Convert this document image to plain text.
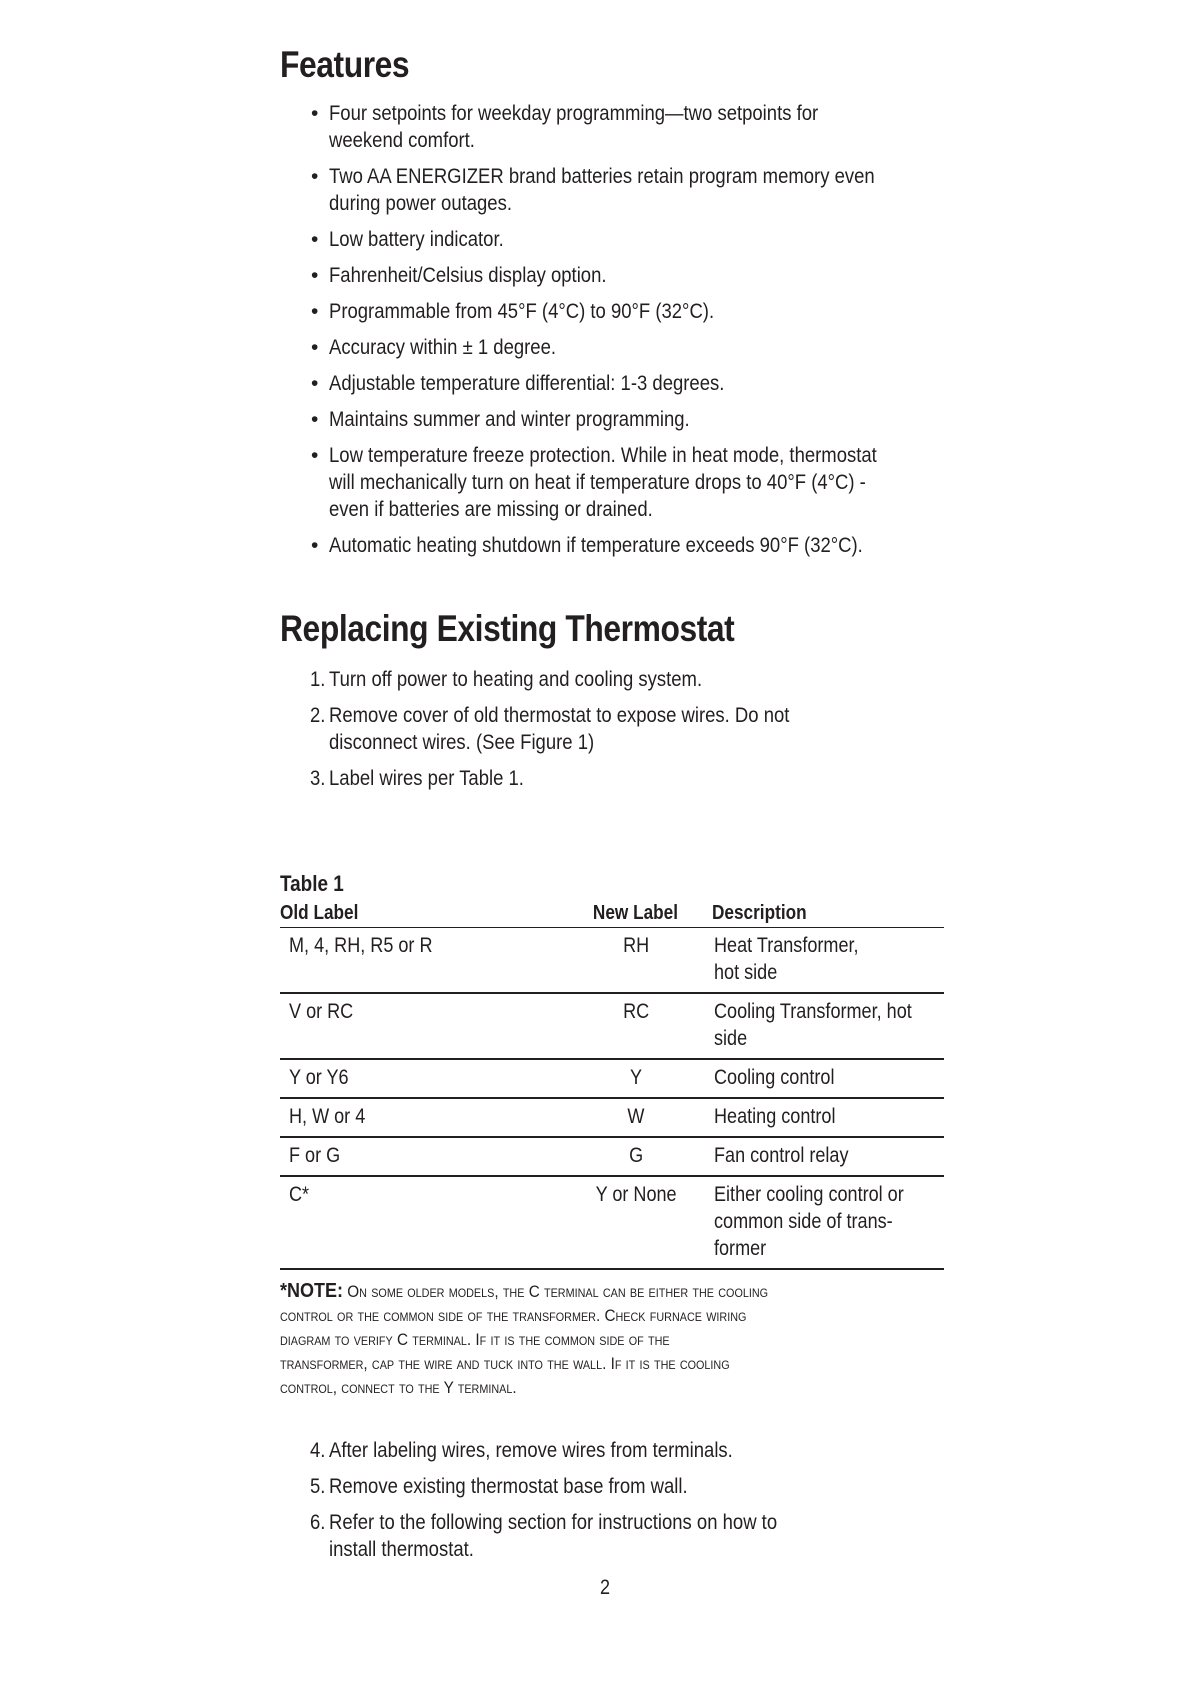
Features
• Four setpoints for weekday programming—two setpoints for
weekend comfort.
• Two AA ENERGIZER brand batteries retain program memory even
during power outages.
• Low battery indicator.
• Fahrenheit/Celsius display option.
• Programmable from 45°F (4°C) to 90°F (32°C).
• Accuracy within ± 1 degree.
• Adjustable temperature differential: 1-3 degrees.
• Maintains summer and winter programming.
• Low temperature freeze protection. While in heat mode, thermostat
will mechanically turn on heat if temperature drops to 40°F (4°C) -
even if batteries are missing or drained.
• Automatic heating shutdown if temperature exceeds 90°F (32°C).
Replacing Existing Thermostat
1. Turn off power to heating and cooling system.
2. Remove cover of old thermostat to expose wires. Do not
disconnect wires. (See Figure 1)
3. Label wires per Table 1.
Table 1
Old Label	New Label	Description
M, 4, RH, R5 or R	RH	Heat Transformer,
hot side

V or RC	RC	Cooling Transformer, hot
side

Y or Y6	Y	Cooling control

H, W or 4	W	Heating control

F or G	G	Fan control relay

C*	Y or None	Either cooling control or
common side of trans-
former
*NOTE: On some older models, the C terminal can be either the cooling
control or the common side of the transformer. Check furnace wiring
diagram to verify C terminal. If it is the common side of the
transformer, cap the wire and tuck into the wall. If it is the cooling
control, connect to the Y terminal.
4. After labeling wires, remove wires from terminals.
5. Remove existing thermostat base from wall.
6. Refer to the following section for instructions on how to
install thermostat.
2
